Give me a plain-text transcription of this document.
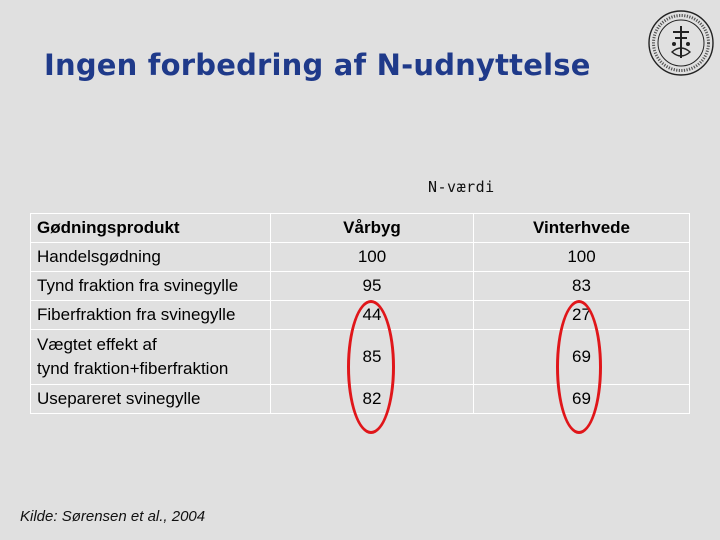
Ingen forbedring af N-udnyttelse
N-værdi
Gødningsprodukt	Vårbyg	Vinterhvede
Handelsgødning	100	100
Tynd fraktion fra svinegylle	95	83
Fiberfraktion fra svinegylle	44	27

Vægtet effekt af
tynd fraktion+fiberfraktion	85	69
Usepareret svinegylle	82	69
Kilde: Sørensen et al., 2004
